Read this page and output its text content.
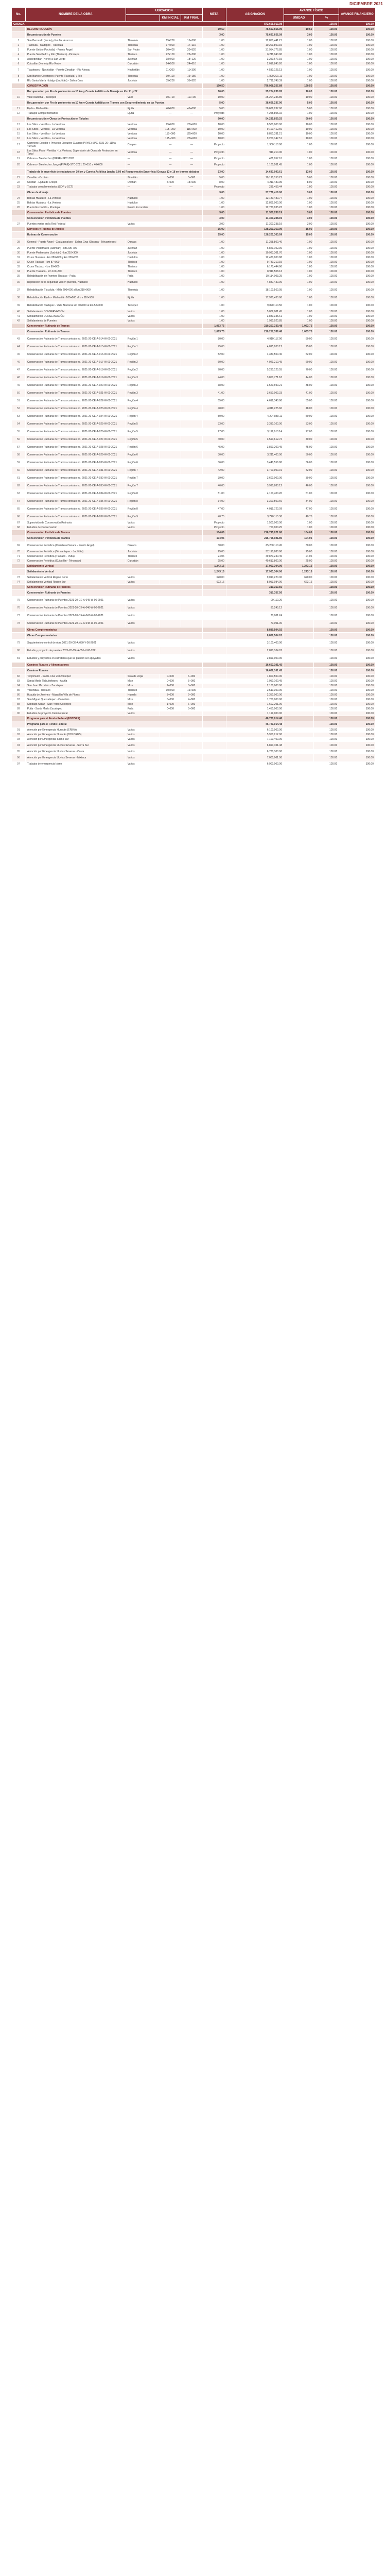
DICIEMBRE 2021
No.	NOMBRE DE LA OBRA	UBICACION			META	ASIGNACIÓN	AVANCE FÍSICO		AVANCE FINANCIERO
			KM INICIAL	KM FINAL			UNIDAD	%	
CASAGA						872,665,913.98		100.00	100.00
	RECONSTRUCCIÓN				10.50	75,697,656.09	10.50	100.00	100.00
	Reconstrucción de Puentes				3.00	75,697,656.09	3.00	100.00	100.00
1	San Bernardo (Norte) y Km 0+ Veracruz	Tlacolula	15+200	15+300	1.00	12,850,441.21	1.00	100.00	100.00
2	Tlacolula - Yautepec - Tlacolula	Tlacolula	17+000	17+110	1.00	10,201,800.15	1.00	100.00	100.00
3	Puente Unión (Pochutla) - Puerto Ángel	San Pedro	20+400	20+520	1.00	31,954,776.85	1.00	100.00	100.00
4	Puente San Pedro y Río (Tlaxiaco) - Pinotepa	Tlaxiaco	22+100	22+200	1.00	6,211,040.90	1.00	100.00	100.00
5	Acatepetitlan (Norte) a San Jorge	Juchitán	18+000	18+120	1.00	3,250,677.15	1.00	100.00	100.00
6	Cuicatlán (Norte) y Río Verde	Cuicatlán	24+500	24+610	1.00	2,016,845.20	1.00	100.00	100.00
7	Tlacotepec - Nochixtlán - Puente Zimatlán - Río Atoyac	Nochixtlán	11+200	11+300	1.00	4,530,125.13	1.00	100.00	100.00
8	San Bartolo Coyotepec (Puente Tlacolula) y Río	Tlacolula	19+100	19+180	1.00	1,890,201.11	1.00	100.00	100.00
9	Río Santa María Hidalgo (Juchitán) - Salina Cruz	Juchitán	35+200	35+320	1.00	2,792,748.39	1.00	100.00	100.00
	CONSERVACIÓN				190.50	796,968,257.89	190.50	100.00	100.00
	Recuperación por Fin de pavimento en 10 km y Cuneta Asfáltica de Drenaje en Km 21 y 22				10.00	25,204,236.85	10.00	100.00	100.00
10	Valle Nacional - Tuxtepec	Valle	100+00	110+00	10.00	25,204,236.85	10.00	100.00	100.00
	Recuperación por Fin de pavimento en 10 km y Cuneta Asfáltica en Tramos con Desprendimiento en las Puertas				5.00	38,666,237.90	5.00	100.00	100.00
11	Ejutla - Miahuatlán	Ejutla	40+000	45+000	5.00	38,666,237.90	5.00	100.00	100.00
12	Trabajos Complementarios	Ejutla	—	—	Proyecto	4,255,805.02	1.00	100.00	100.00
	Reconstrucción y Obras de Protección en Taludes				60.00	54,235,859.25	60.00	100.00	100.00
13	Los Sitios - Ventilas - La Ventosa	Ventosa	95+000	105+000	10.00	8,500,000.00	10.00	100.00	100.00
14	Los Sitios - Ventilas - La Ventosa	Ventosa	105+000	115+000	10.00	9,100,412.66	10.00	100.00	100.00
15	Los Sitios - Ventilas - La Ventosa	Ventosa	115+000	125+000	10.00	8,850,331.21	10.00	100.00	100.00
16	Los Sitios - Ventilas - La Ventosa	Ventosa	125+000	135+000	10.00	9,200,147.51	10.00	100.00	100.00
17	Carretera: Estudio y Proyecto Ejecutivo Cuapan (PIPAE)-SPC-2021 20+110 a 40+600	Cuapan	—	—	Proyecto	1,900,110.00	1.00	100.00	100.00
18	Los Sitios Paso - Ventilas - La Ventosa, Supervisión de Obras de Protección en Talud	Ventosa	—	—	Proyecto	911,210.00	1.00	100.00	100.00
19	Cabrera - Bienhechor (PIPAE)-SPC-2021	—	—	—	Proyecto	481,057.61	1.00	100.00	100.00
20	Cabrera - Bienhechor Juego (PIPAE)-STC-2021 20+110 a 40+600	—	—	—	Proyecto	1,100,201.45	1.00	100.00	100.00
	Tratado de la superficie de rodadura en 10 km y Cuneta Asfáltica (ancho 0.60 m) Recuperación Superficial Gravas 13 y 18 en tramos aislados				13.00	14,637,090.61	13.00	100.00	100.00
21	Zimatlán - Ocotlán	Zimatlán	0+000	5+000	5.00	10,190,150.22	5.00	100.00	100.00
22	Ocotlán - Ejutla de Crespo	Ocotlán	5+000	13+000	8.00	4,211,480.95	8.00	100.00	100.00
23	Trabajos complementarios (SOP y SCT)	—	—	—	Proyecto	235,459.44	1.00	100.00	100.00
	Obras de drenaje				3.00	37,776,416.00	3.00	100.00	100.00
24	Bahías Huatulco - La Ventosa	Huatulco			1.00	12,180,480.77	1.00	100.00	100.00
25	Bahías Huatulco - La Ventosa	Huatulco			1.00	12,865,000.00	1.00	100.00	100.00
26	Puerto Escondido - Pinotepa	Puerto Escondido			1.00	12,730,935.23	1.00	100.00	100.00
	Conservación Periódica de Puentes				3.00	11,300,238.19	3.00	100.00	100.00
	Conservación Periódica de Puentes				3.00	11,300,238.19	3.00	100.00	100.00
27	Puentes varios en la Red Federal	Varios			3.00	11,300,238.19	3.00	100.00	100.00
	Servicios y Rutinas de Auxilio				15.00	138,201,360.99	15.00	100.00	100.00
	Rutinas de Conservación				15.00	138,201,360.99	15.00	100.00	100.00
28	General - Puerto Ángel - Coatzacoalcos - Salina Cruz (Oaxaca - Tehuantepec)	Oaxaca			1.00	11,258,800.40	1.00	100.00	100.00
29	Puente Pedernales (Juchitán) - km 205-700	Juchitán			1.00	6,821,102.36	1.00	100.00	100.00
30	Puente Pedernales (Juchitán) - km 210+300	Juchitán			1.00	10,983,301.70	1.00	100.00	100.00
31	Cruce Huatulco - km 280+000 y km 350+200	Huatulco			1.00	12,480,900.88	1.00	100.00	100.00
32	Cruce Tlaxiaco - km 87+000	Tlaxiaco			1.00	9,780,210.15	1.00	100.00	100.00
33	Cruce Tlaxiaco - km 99+000	Tlaxiaco			1.00	6,170,444.90	1.00	100.00	100.00
34	Puente Tlaxiaco - km 100+500	Tlaxiaco			1.00	8,911,508.13	1.00	100.00	100.00
35	Rehabilitación de Puentes Tlaxiaco - Putla	Putla			1.00	10,114,003.25	1.00	100.00	100.00
36	Reposición de la seguridad vial en puentes, Huatulco	Huatulco			1.00	4,887,430.96	1.00	100.00	100.00
37	Rehabilitación Tlacolula - Mitla 200+000 al km 210+900	Tlacolula			1.00	18,100,560.95	1.00	100.00	100.00
38	Rehabilitación Ejutla - Miahuatlán 100+000 al km 110+500	Ejutla			1.00	17,920,430.90	1.00	100.00	100.00
39	Rehabilitación Tuxtepec - Valle Nacional km 40+000 al km 52+000	Tuxtepec			1.00	9,890,110.50	1.00	100.00	100.00
40	Señalamiento CONSERVACIÓN	Varios			1.00	5,002,001.45	1.00	100.00	100.00
41	Señalamiento CONSERVACIÓN	Varios			1.00	3,880,335.61	1.00	100.00	100.00
42	Señalamiento de Puentes	Varios			1.00	1,990,020.85	1.00	100.00	100.00
	Conservación Rutinaria de Tramos				1,063.75	210,257,339.48	1,063.75	100.00	100.00
	Conservación Rutinaria de Tramos				1,063.75	210,257,339.48	1,063.75	100.00	100.00
43	Conservación Rutinaria de Tramos contrato no. 2021-20-CE-A-014-W-00-2021	Región 1			80.00	4,910,117.90	80.00	100.00	100.00
44	Conservación Rutinaria de Tramos contrato no. 2021-20-CE-A-015-W-00-2021	Región 1			75.00	4,815,200.12	75.00	100.00	100.00
45	Conservación Rutinaria de Tramos contrato no. 2021-20-CE-A-016-W-00-2021	Región 2			52.00	4,330,500.40	52.00	100.00	100.00
46	Conservación Rutinaria de Tramos contrato no. 2021-20-CE-A-017-W-00-2021	Región 2			60.00	4,921,210.45	60.00	100.00	100.00
47	Conservación Rutinaria de Tramos contrato no. 2021-20-CE-A-018-W-00-2021	Región 2			70.00	5,230,125.55	70.00	100.00	100.00
48	Conservación Rutinaria de Tramos contrato no. 2021-20-CE-A-019-W-00-2021	Región 3			44.00	3,850,771.18	44.00	100.00	100.00
49	Conservación Rutinaria de Tramos contrato no. 2021-20-CE-A-020-W-00-2021	Región 3			38.00	3,520,690.21	38.00	100.00	100.00
50	Conservación Rutinaria de Tramos contrato no. 2021-20-CE-A-021-W-00-2021	Región 3			41.00	3,650,002.33	41.00	100.00	100.00
51	Conservación Rutinaria de Tramos contrato no. 2021-20-CE-A-022-W-00-2021	Región 4			55.00	4,612,340.90	55.00	100.00	100.00
52	Conservación Rutinaria de Tramos contrato no. 2021-20-CE-A-023-W-00-2021	Región 4			48.00	4,011,225.60	48.00	100.00	100.00
53	Conservación Rutinaria de Tramos contrato no. 2021-20-CE-A-024-W-00-2021	Región 4			50.00	4,204,880.11	50.00	100.00	100.00
54	Conservación Rutinaria de Tramos contrato no. 2021-20-CE-A-025-W-00-2021	Región 5			33.00	3,330,100.00	33.00	100.00	100.00
55	Conservación Rutinaria de Tramos contrato no. 2021-20-CE-A-026-W-00-2021	Región 5			27.00	3,112,010.14	27.00	100.00	100.00
56	Conservación Rutinaria de Tramos contrato no. 2021-20-CE-A-027-W-00-2021	Región 5			40.00	3,590,612.72	40.00	100.00	100.00
57	Conservación Rutinaria de Tramos contrato no. 2021-20-CE-A-028-W-00-2021	Región 6			45.00	3,890,200.45	45.00	100.00	100.00
58	Conservación Rutinaria de Tramos contrato no. 2021-20-CE-A-029-W-00-2021	Región 6			30.00	3,211,400.00	30.00	100.00	100.00
59	Conservación Rutinaria de Tramos contrato no. 2021-20-CE-A-030-W-00-2021	Región 6			36.00	3,440,556.80	36.00	100.00	100.00
60	Conservación Rutinaria de Tramos contrato no. 2021-20-CE-A-031-W-00-2021	Región 7			42.00	3,700,900.91	42.00	100.00	100.00
61	Conservación Rutinaria de Tramos contrato no. 2021-20-CE-A-032-W-00-2021	Región 7			39.00	3,600,000.00	39.00	100.00	100.00
62	Conservación Rutinaria de Tramos contrato no. 2021-20-CE-A-033-W-00-2021	Región 7			46.00	3,990,880.12	46.00	100.00	100.00
63	Conservación Rutinaria de Tramos contrato no. 2021-20-CE-A-034-W-00-2021	Región 8			51.00	4,150,400.20	51.00	100.00	100.00
64	Conservación Rutinaria de Tramos contrato no. 2021-20-CE-A-035-W-00-2021	Región 8			34.00	3,300,500.66	34.00	100.00	100.00
65	Conservación Rutinaria de Tramos contrato no. 2021-20-CE-A-036-W-00-2021	Región 8			47.00	4,015,720.09	47.00	100.00	100.00
66	Conservación Rutinaria de Tramos contrato no. 2021-20-CE-A-037-W-00-2021	Región 9			40.75	3,720,115.30	40.75	100.00	100.00
67	Supervisión de Conservación Rutinaria	Varios			Proyecto	1,500,000.00	1.00	100.00	100.00
68	Estudios de Conservación	Varios			Proyecto	750,900.25	1.00	100.00	100.00
	Conservación Periódica de Tramos				104.06	216,795,021.80	104.06	100.00	100.00
	Conservación Periódica de Tramos				104.06	216,795,021.80	104.06	100.00	100.00
69	Conservación Periódica (Carretera Oaxaca - Puerto Ángel)	Oaxaca			30.00	65,200,110.45	30.00	100.00	100.00
70	Conservación Periódica (Tehuantepec - Juchitán)	Juchitán			25.00	52,110,880.90	25.00	100.00	100.00
71	Conservación Periódica (Tlaxiaco - Putla)	Tlaxiaco			24.06	49,870,230.45	24.06	100.00	100.00
72	Conservación Periódica (Cuicatlán - Tehuacán)	Cuicatlán			25.00	49,613,800.00	25.00	100.00	100.00
	Señalamiento Vertical				1,243.16	17,963,304.00	1,243.16	100.00	100.00
	Señalamiento Vertical				1,243.16	17,963,304.00	1,243.16	100.00	100.00
73	Señalamiento Vertical Región Norte	Varios			620.00	9,010,220.00	620.00	100.00	100.00
74	Señalamiento Vertical Región Sur	Varios			623.16	8,953,084.00	623.16	100.00	100.00
	Conservación Rutinaria de Puentes					310,357.56		100.00	100.00
	Conservación Rutinaria de Puentes					310,357.56		100.00	100.00
75	Conservación Rutinaria de Puentes 2021-20-CE-A-045-W-00-2021	Varios				90,110.20		100.00	100.00
76	Conservación Rutinaria de Puentes 2021-20-CE-A-046-W-00-2021	Varios				80,245.12		100.00	100.00
77	Conservación Rutinaria de Puentes 2021-20-CE-A-047-W-00-2021	Varios				70,001.24		100.00	100.00
78	Conservación Rutinaria de Puentes 2021-20-CE-A-048-W-00-2021	Varios				70,001.00		100.00	100.00
	Obras Complementarias					8,889,504.92		100.00	100.00
	Obras Complementarias					8,889,504.92		100.00	100.00
79	Seguimiento y control de obra 2021-20-CE-A-050-Y-00-2021	Varios				3,100,400.00		100.00	100.00
80	Estudio y proyecto de puentes 2021-20-CE-A-051-Y-00-2021	Varios				2,890,104.92		100.00	100.00
81	Estudios y proyectos en carreteras que se pueden ser apoyadas	Varios				2,899,000.00		100.00	100.00
	Caminos Rurales y Alimentadores					16,662,101.45		100.00	100.00
	Caminos Rurales					16,662,101.45		100.00	100.00
82	Teojomulco - Santa Cruz Zenzontepec	Sola de Vega	0+000	6+000		1,800,500.00		100.00	100.00
83	Santa María Tlahuitoltepec - Ayutla	Mixe	0+000	5+000		1,950,100.45		100.00	100.00
84	San Juan Mazatlán - Zacatepec	Mixe	2+000	8+000		2,100,000.00		100.00	100.00
85	Yosondúa - Tlaxiaco	Tlaxiaco	10+000	16+500		2,510,300.00		100.00	100.00
86	Huautla de Jiménez - Mazatlán Villa de Flores	Huautla	3+000	9+000		2,350,000.00		100.00	100.00
87	San Miguel Quetzaltepec - Camotlán	Mixe	0+000	4+800		1,700,000.00		100.00	100.00
88	Santiago Atitlán - San Pedro Ocotepec	Mixe	1+000	6+000		1,602,201.00		100.00	100.00
89	Putla - Santa María Zacatepec	Putla	0+000	5+000		1,450,000.00		100.00	100.00
90	Estudios de proyecto Camino Rural	Varios				1,199,000.00		100.00	100.00
	Programa para el Fondo Federal (FOCORE)					46,721,014.48		100.00	100.00
	Programa para el Fondo Federal					46,721,014.48		100.00	100.00
91	Atención por Emergencia Huracán (ERIKA)	Varios				6,100,000.00		100.00	100.00
92	Atención por Emergencia Huracán (DOLORES)	Varios				5,950,212.00		100.00	100.00
93	Atención por Emergencia Sismo Sur	Varios				7,100,400.00		100.00	100.00
94	Atención por Emergencia Lluvias Severas - Sierra Sur	Varios				6,890,101.48		100.00	100.00
95	Atención por Emergencia Lluvias Severas - Costa	Varios				6,780,300.00		100.00	100.00
96	Atención por Emergencia Lluvias Severas - Mixteca	Varios				7,000,001.00		100.00	100.00
97	Trabajos de emergencia Istmo	Varios				6,900,000.00		100.00	100.00
